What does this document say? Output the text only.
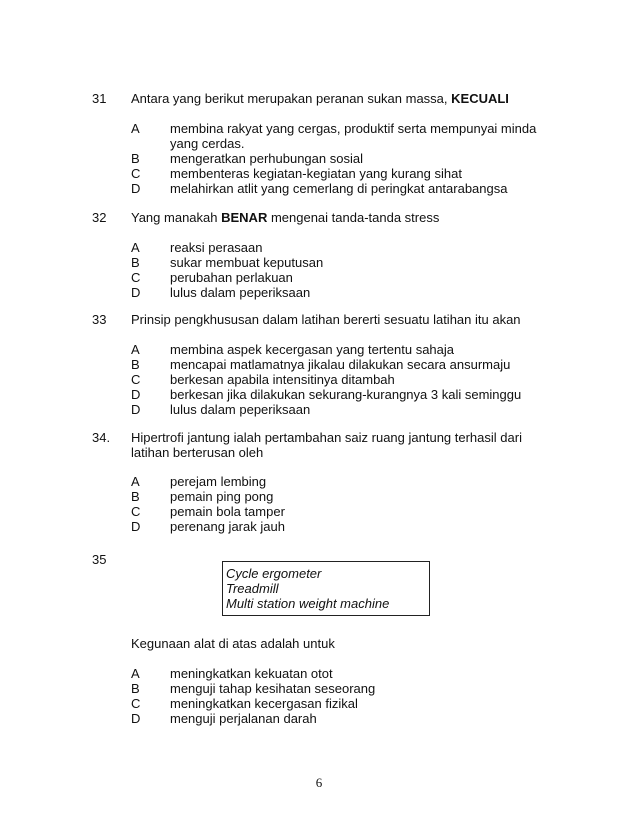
31 Antara yang berikut merupakan peranan sukan massa, KECUALI
A membina rakyat yang cergas, produktif serta mempunyai minda
yang cerdas.
B mengeratkan perhubungan sosial
C membenteras kegiatan-kegiatan yang kurang sihat
D melahirkan atlit yang cemerlang di peringkat antarabangsa
32 Yang manakah BENAR mengenai tanda-tanda stress
A reaksi perasaan
B sukar membuat keputusan
C perubahan perlakuan
D lulus dalam peperiksaan
33 Prinsip pengkhususan dalam latihan bererti sesuatu latihan itu akan
A membina aspek kecergasan yang tertentu sahaja
B mencapai matlamatnya jikalau dilakukan secara ansurmaju
C berkesan apabila intensitinya ditambah
D berkesan jika dilakukan sekurang-kurangnya 3 kali seminggu
D lulus dalam peperiksaan
34. Hipertrofi jantung ialah pertambahan saiz ruang jantung terhasil dari
latihan berterusan oleh
A perejam lembing
B pemain ping pong
C pemain bola tamper
D perenang jarak jauh
35
Cycle ergometer
Treadmill
Multi station weight machine
Kegunaan alat di atas adalah untuk
A meningkatkan kekuatan otot
B menguji tahap kesihatan seseorang
C meningkatkan kecergasan fizikal
D menguji perjalanan darah
6
